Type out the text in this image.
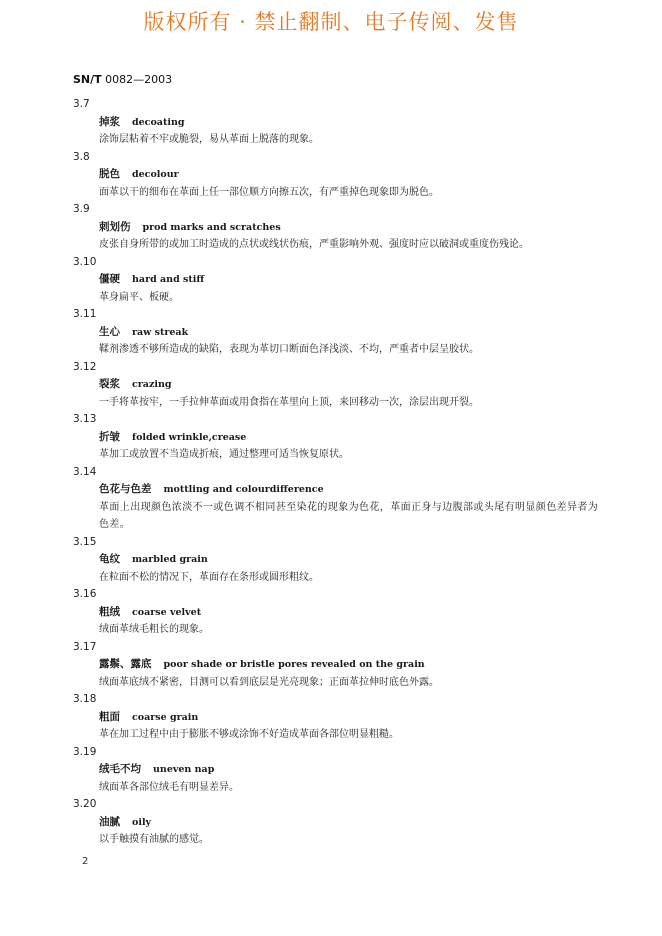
版权所有 · 禁止翻制、电子传阅、发售
SN/T 0082—2003
3.7
掉浆 decoating
涂饰层粘着不牢或脆裂，易从革面上脱落的现象。
3.8
脱色 decolour
面革以干的细布在革面上任一部位顺方向擦五次，有严重掉色现象即为脱色。
3.9
刺划伤 prod marks and scratches
皮张自身所带的或加工时造成的点状或线状伤痕，严重影响外观、强度时应以破洞或重度伤残论。
3.10
僵硬 hard and stiff
革身扁平、板硬。
3.11
生心 raw streak
鞣剂渗透不够所造成的缺陷，表现为革切口断面色泽浅淡、不均，严重者中层呈胶状。
3.12
裂浆 crazing
一手将革按牢，一手拉伸革面或用食指在革里向上顶，来回移动一次，涂层出现开裂。
3.13
折皱 folded wrinkle,crease
革加工或放置不当造成折痕，通过整理可适当恢复原状。
3.14
色花与色差 mottling and colourdifference
革面上出现颜色浓淡不一或色调不相同甚至染花的现象为色花，革面正身与边腹部或头尾有明显颜色差异者为色差。
3.15
龟纹 marbled grain
在粒面不松的情况下，革面存在条形或圆形粗纹。
3.16
粗绒 coarse velvet
绒面革绒毛粗长的现象。
3.17
露鬃、露底 poor shade or bristle pores revealed on the grain
绒面革底绒不紧密，目测可以看到底层是光亮现象；正面革拉伸时底色外露。
3.18
粗面 coarse grain
革在加工过程中由于膨胀不够或涂饰不好造成革面各部位明显粗糙。
3.19
绒毛不均 uneven nap
绒面革各部位绒毛有明显差异。
3.20
油腻 oily
以手触摸有油腻的感觉。
2
